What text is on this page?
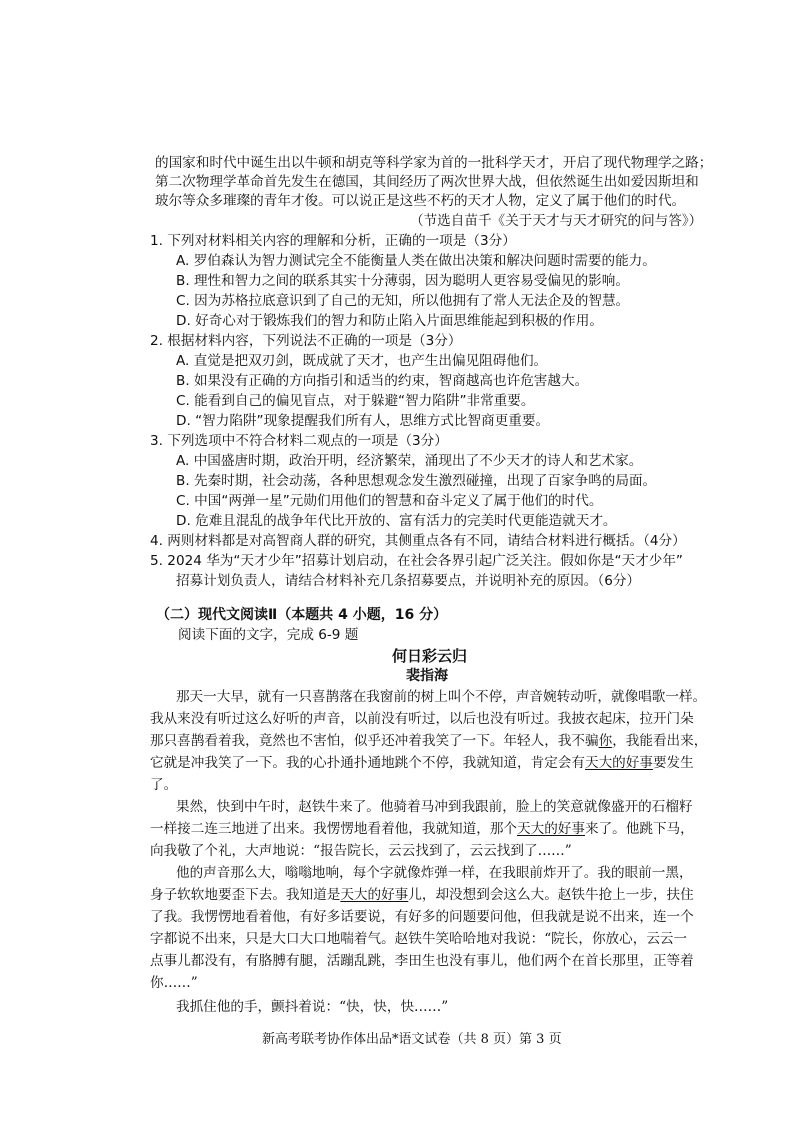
的国家和时代中诞生出以牛顿和胡克等科学家为首的一批科学天才，开启了现代物理学之路；
第二次物理学革命首先发生在德国，其间经历了两次世界大战，但依然诞生出如爱因斯坦和
玻尔等众多璀璨的青年才俊。可以说正是这些不朽的天才人物，定义了属于他们的时代。
（节选自苗千《关于天才与天才研究的问与答》）
1. 下列对材料相关内容的理解和分析，正确的一项是（3分）
A. 罗伯森认为智力测试完全不能衡量人类在做出决策和解决问题时需要的能力。
B. 理性和智力之间的联系其实十分薄弱，因为聪明人更容易受偏见的影响。
C. 因为苏格拉底意识到了自己的无知，所以他拥有了常人无法企及的智慧。
D. 好奇心对于锻炼我们的智力和防止陷入片面思维能起到积极的作用。
2. 根据材料内容，下列说法不正确的一项是（3分）
A. 直觉是把双刃剑，既成就了天才，也产生出偏见阻碍他们。
B. 如果没有正确的方向指引和适当的约束，智商越高也许危害越大。
C. 能看到自己的偏见盲点，对于躲避“智力陷阱”非常重要。
D. “智力陷阱”现象提醒我们所有人，思维方式比智商更重要。
3. 下列选项中不符合材料二观点的一项是（3分）
A. 中国盛唐时期，政治开明，经济繁荣，涌现出了不少天才的诗人和艺术家。
B. 先秦时期，社会动荡，各种思想观念发生激烈碰撞，出现了百家争鸣的局面。
C. 中国“两弹一星”元勋们用他们的智慧和奋斗定义了属于他们的时代。
D. 危难且混乱的战争年代比开放的、富有活力的完美时代更能造就天才。
4. 两则材料都是对高智商人群的研究，其侧重点各有不同，请结合材料进行概括。（4分）
5. 2024 华为“天才少年”招募计划启动，在社会各界引起广泛关注。假如你是“天才少年”
招募计划负责人，请结合材料补充几条招募要点，并说明补充的原因。（6分）
（二）现代文阅读Ⅱ（本题共 4 小题，16 分）
阅读下面的文字，完成 6-9 题
何日彩云归
裴指海
那天一大早，就有一只喜鹊落在我窗前的树上叫个不停，声音婉转动听，就像唱歌一样。
我从来没有听过这么好听的声音，以前没有听过，以后也没有听过。我披衣起床，拉开门朵
那只喜鹊看着我，竟然也不害怕，似乎还冲着我笑了一下。年轻人，我不骗你，我能看出来，
它就是冲我笑了一下。我的心扑通扑通地跳个不停，我就知道，肯定会有天大的好事要发生
了。
果然，快到中午时，赵铁牛来了。他骑着马冲到我跟前，脸上的笑意就像盛开的石榴籽
一样接二连三地迸了出来。我愣愣地看着他，我就知道，那个天大的好事来了。他跳下马，
向我敬了个礼，大声地说：“报告院长，云云找到了，云云找到了……”
他的声音那么大，嗡嗡地响，每个字就像炸弹一样，在我眼前炸开了。我的眼前一黑，
身子软软地要歪下去。我知道是天大的好事儿，却没想到会这么大。赵铁牛抢上一步，扶住
了我。我愣愣地看着他，有好多话要说，有好多的问题要问他，但我就是说不出来，连一个
字都说不出来，只是大口大口地喘着气。赵铁牛笑哈哈地对我说：“院长，你放心，云云一
点事儿都没有，有胳膊有腿，活蹦乱跳，李田生也没有事儿，他们两个在首长那里，正等着
你……”
我抓住他的手，颤抖着说：“快，快，快……”
新高考联考协作体出品*语文试卷（共 8 页）第 3 页
